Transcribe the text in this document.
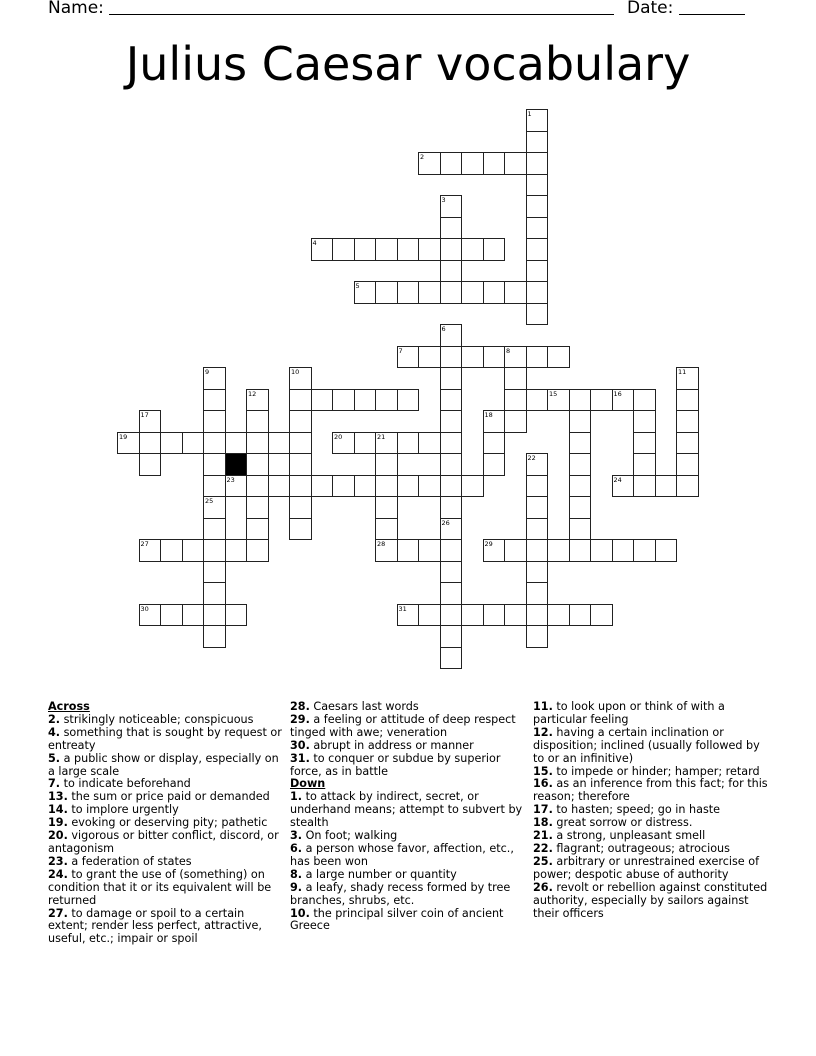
Name:	Date:
Julius Caesar vocabulary
1
2
3
4
5
6
7	8
9	10	11
12	15	16
17	18
19	20	21
22
23	24
25
26
27	28	29
30	31

Across

2. strikingly noticeable; conspicuous

4. something that is sought by request or entreaty

5. a public show or display, especially on a large scale

7. to indicate beforehand

13. the sum or price paid or demanded

14. to implore urgently

19. evoking or deserving pity; pathetic

20. vigorous or bitter conflict, discord, or antagonism

23. a federation of states

24. to grant the use of (something) on condition that it or its equivalent will be returned

27. to damage or spoil to a certain extent; render less perfect, attractive, useful, etc.; impair or spoil

28. Caesars last words

29. a feeling or attitude of deep respect tinged with awe; veneration

30. abrupt in address or manner

31. to conquer or subdue by superior force, as in battle

Down

1. to attack by indirect, secret, or underhand means; attempt to subvert by stealth

3. On foot; walking

6. a person whose favor, affection, etc., has been won

8. a large number or quantity

9. a leafy, shady recess formed by tree branches, shrubs, etc.

10. the principal silver coin of ancient Greece

11. to look upon or think of with a particular feeling

12. having a certain inclination or disposition; inclined (usually followed by to or an infinitive)

15. to impede or hinder; hamper; retard

16. as an inference from this fact; for this reason; therefore

17. to hasten; speed; go in haste

18. great sorrow or distress.

21. a strong, unpleasant smell

22. flagrant; outrageous; atrocious

25. arbitrary or unrestrained exercise of power; despotic abuse of authority

26. revolt or rebellion against constituted authority, especially by sailors against their officers
